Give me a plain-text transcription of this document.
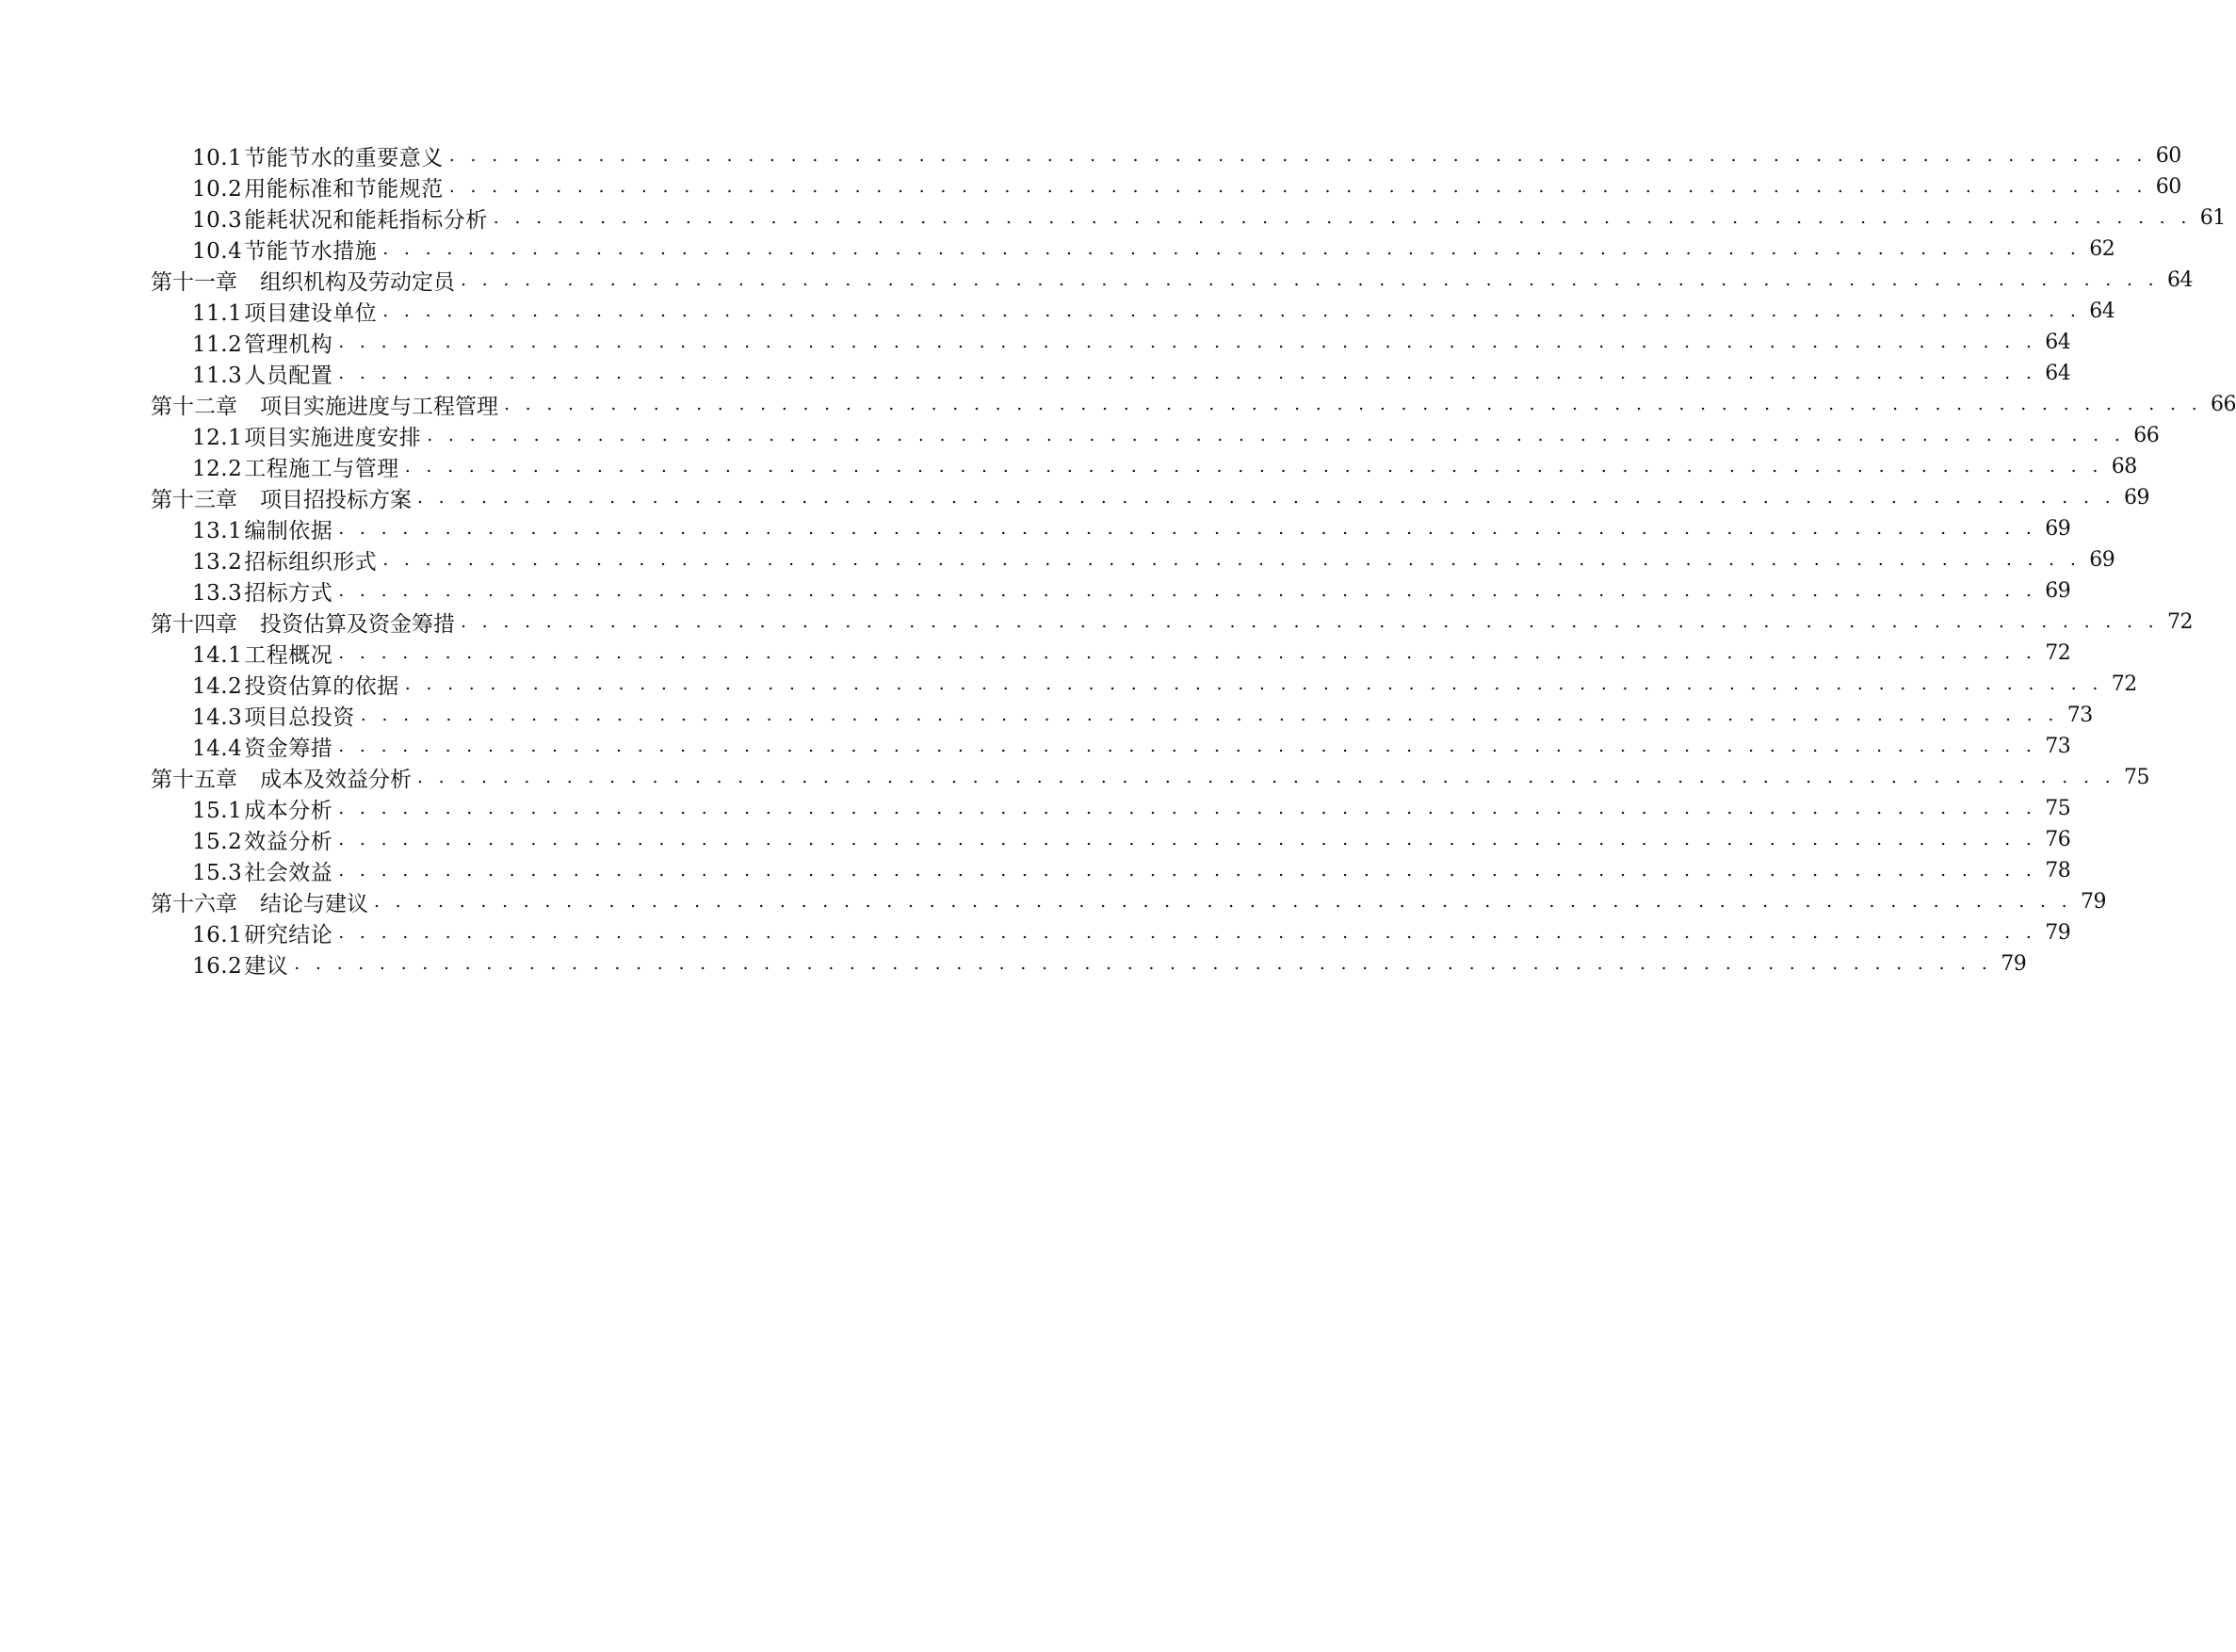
10.1节能节水的重要意义 . . . . . . . . . . . . . . . . . . . . . . . . . . . . . . . . . . . . . . . . . . . . . . . . . . . . . . . . . . . . . . . . . . . . . . . . . . . . . . . . 60
10.2用能标准和节能规范 . . . . . . . . . . . . . . . . . . . . . . . . . . . . . . . . . . . . . . . . . . . . . . . . . . . . . . . . . . . . . . . . . . . . . . . . . . . . . . . . 60
10.3能耗状况和能耗指标分析 . . . . . . . . . . . . . . . . . . . . . . . . . . . . . . . . . . . . . . . . . . . . . . . . . . . . . . . . . . . . . . . . . . . . . . . . . . . . . . . . 61
10.4节能节水措施 . . . . . . . . . . . . . . . . . . . . . . . . . . . . . . . . . . . . . . . . . . . . . . . . . . . . . . . . . . . . . . . . . . . . . . . . . . . . . . . . 62
第十一章 组织机构及劳动定员 . . . . . . . . . . . . . . . . . . . . . . . . . . . . . . . . . . . . . . . . . . . . . . . . . . . . . . . . . . . . . . . . . . . . . . . . . . . . . . . . 64
11.1项目建设单位 . . . . . . . . . . . . . . . . . . . . . . . . . . . . . . . . . . . . . . . . . . . . . . . . . . . . . . . . . . . . . . . . . . . . . . . . . . . . . . . . 64
11.2管理机构 . . . . . . . . . . . . . . . . . . . . . . . . . . . . . . . . . . . . . . . . . . . . . . . . . . . . . . . . . . . . . . . . . . . . . . . . . . . . . . . . 64
11.3人员配置 . . . . . . . . . . . . . . . . . . . . . . . . . . . . . . . . . . . . . . . . . . . . . . . . . . . . . . . . . . . . . . . . . . . . . . . . . . . . . . . . 64
第十二章 项目实施进度与工程管理 . . . . . . . . . . . . . . . . . . . . . . . . . . . . . . . . . . . . . . . . . . . . . . . . . . . . . . . . . . . . . . . . . . . . . . . . . . . . . . . . 66
12.1项目实施进度安排 . . . . . . . . . . . . . . . . . . . . . . . . . . . . . . . . . . . . . . . . . . . . . . . . . . . . . . . . . . . . . . . . . . . . . . . . . . . . . . . . 66
12.2工程施工与管理 . . . . . . . . . . . . . . . . . . . . . . . . . . . . . . . . . . . . . . . . . . . . . . . . . . . . . . . . . . . . . . . . . . . . . . . . . . . . . . . . 68
第十三章 项目招投标方案 . . . . . . . . . . . . . . . . . . . . . . . . . . . . . . . . . . . . . . . . . . . . . . . . . . . . . . . . . . . . . . . . . . . . . . . . . . . . . . . . 69
13.1编制依据 . . . . . . . . . . . . . . . . . . . . . . . . . . . . . . . . . . . . . . . . . . . . . . . . . . . . . . . . . . . . . . . . . . . . . . . . . . . . . . . . 69
13.2招标组织形式 . . . . . . . . . . . . . . . . . . . . . . . . . . . . . . . . . . . . . . . . . . . . . . . . . . . . . . . . . . . . . . . . . . . . . . . . . . . . . . . . 69
13.3招标方式 . . . . . . . . . . . . . . . . . . . . . . . . . . . . . . . . . . . . . . . . . . . . . . . . . . . . . . . . . . . . . . . . . . . . . . . . . . . . . . . . 69
第十四章 投资估算及资金筹措 . . . . . . . . . . . . . . . . . . . . . . . . . . . . . . . . . . . . . . . . . . . . . . . . . . . . . . . . . . . . . . . . . . . . . . . . . . . . . . . . 72
14.1工程概况 . . . . . . . . . . . . . . . . . . . . . . . . . . . . . . . . . . . . . . . . . . . . . . . . . . . . . . . . . . . . . . . . . . . . . . . . . . . . . . . . 72
14.2投资估算的依据 . . . . . . . . . . . . . . . . . . . . . . . . . . . . . . . . . . . . . . . . . . . . . . . . . . . . . . . . . . . . . . . . . . . . . . . . . . . . . . . . 72
14.3项目总投资 . . . . . . . . . . . . . . . . . . . . . . . . . . . . . . . . . . . . . . . . . . . . . . . . . . . . . . . . . . . . . . . . . . . . . . . . . . . . . . . . 73
14.4资金筹措 . . . . . . . . . . . . . . . . . . . . . . . . . . . . . . . . . . . . . . . . . . . . . . . . . . . . . . . . . . . . . . . . . . . . . . . . . . . . . . . . 73
第十五章 成本及效益分析 . . . . . . . . . . . . . . . . . . . . . . . . . . . . . . . . . . . . . . . . . . . . . . . . . . . . . . . . . . . . . . . . . . . . . . . . . . . . . . . . 75
15.1成本分析 . . . . . . . . . . . . . . . . . . . . . . . . . . . . . . . . . . . . . . . . . . . . . . . . . . . . . . . . . . . . . . . . . . . . . . . . . . . . . . . . 75
15.2效益分析 . . . . . . . . . . . . . . . . . . . . . . . . . . . . . . . . . . . . . . . . . . . . . . . . . . . . . . . . . . . . . . . . . . . . . . . . . . . . . . . . 76
15.3社会效益 . . . . . . . . . . . . . . . . . . . . . . . . . . . . . . . . . . . . . . . . . . . . . . . . . . . . . . . . . . . . . . . . . . . . . . . . . . . . . . . . 78
第十六章 结论与建议 . . . . . . . . . . . . . . . . . . . . . . . . . . . . . . . . . . . . . . . . . . . . . . . . . . . . . . . . . . . . . . . . . . . . . . . . . . . . . . . . 79
16.1研究结论 . . . . . . . . . . . . . . . . . . . . . . . . . . . . . . . . . . . . . . . . . . . . . . . . . . . . . . . . . . . . . . . . . . . . . . . . . . . . . . . . 79
16.2建议 . . . . . . . . . . . . . . . . . . . . . . . . . . . . . . . . . . . . . . . . . . . . . . . . . . . . . . . . . . . . . . . . . . . . . . . . . . . . . . . . 79
